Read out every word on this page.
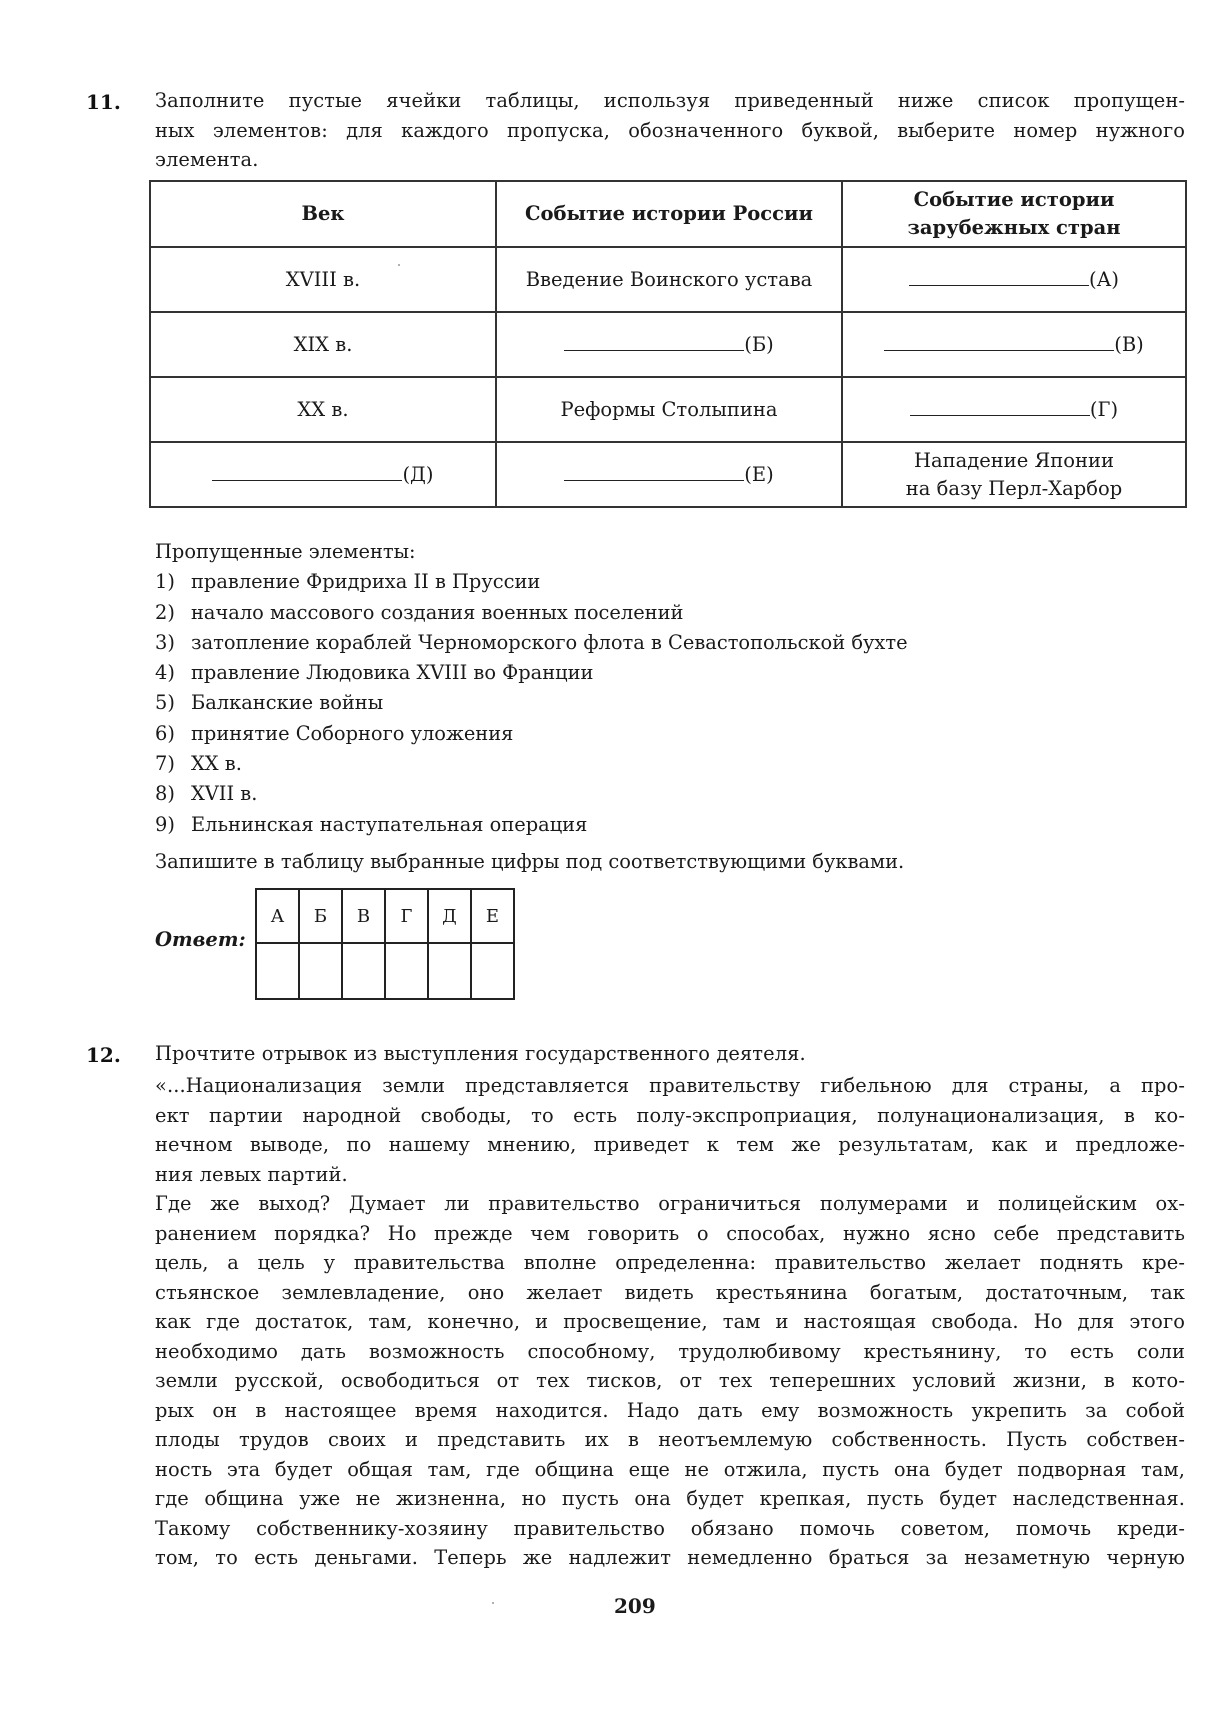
11. Заполните пустые ячейки таблицы, используя приведенный ниже список пропущен-
ных элементов: для каждого пропуска, обозначенного буквой, выберите номер нужного
элемента.
Век	Событие истории России	Событие истории
зарубежных стран
XVIII в.	Введение Воинского устава	(А)
XIX в.	(Б)	(В)
XX в.	Реформы Столыпина	(Г)
(Д)	(Е)	Нападение Японии
на базу Перл-Харбор
Пропущенные элементы:
1) правление Фридриха II в Пруссии
2) начало массового создания военных поселений
3) затопление кораблей Черноморского флота в Севастопольской бухте
4) правление Людовика XVIII во Франции
5) Балканские войны
6) принятие Соборного уложения
7) XX в.
8) XVII в.
9) Ельнинская наступательная операция
Запишите в таблицу выбранные цифры под соответствующими буквами.
Ответ:
А	Б	В	Г	Д	Е

12. Прочтите отрывок из выступления государственного деятеля.
«...Национализация земли представляется правительству гибельною для страны, а про-
ект партии народной свободы, то есть полу-экспроприация, полунационализация, в ко-
нечном выводе, по нашему мнению, приведет к тем же результатам, как и предложе-
ния левых партий.
Где же выход? Думает ли правительство ограничиться полумерами и полицейским ох-
ранением порядка? Но прежде чем говорить о способах, нужно ясно себе представить
цель, а цель у правительства вполне определенна: правительство желает поднять кре-
стьянское землевладение, оно желает видеть крестьянина богатым, достаточным, так
как где достаток, там, конечно, и просвещение, там и настоящая свобода. Но для этого
необходимо дать возможность способному, трудолюбивому крестьянину, то есть соли
земли русской, освободиться от тех тисков, от тех теперешних условий жизни, в кото-
рых он в настоящее время находится. Надо дать ему возможность укрепить за собой
плоды трудов своих и представить их в неотъемлемую собственность. Пусть собствен-
ность эта будет общая там, где община еще не отжила, пусть она будет подворная там,
где община уже не жизненна, но пусть она будет крепкая, пусть будет наследственная.
Такому собственнику-хозяину правительство обязано помочь советом, помочь креди-
том, то есть деньгами. Теперь же надлежит немедленно браться за незаметную черную
209
